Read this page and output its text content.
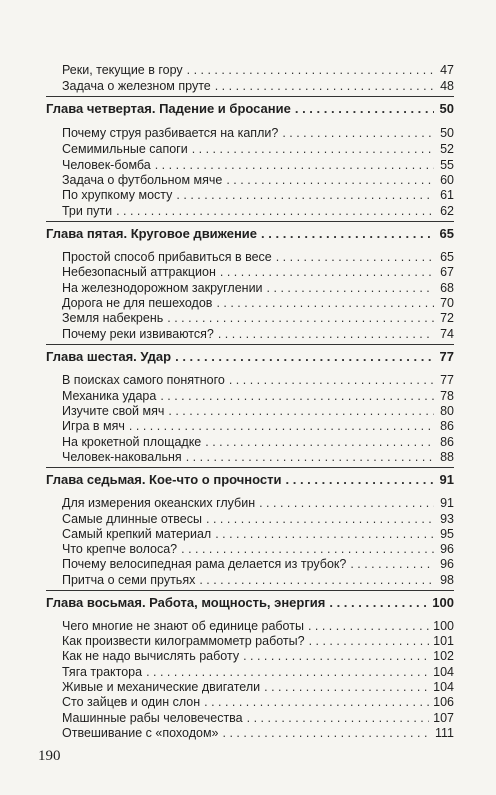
Реки, текущие в гору . . .	47
Задача о железном пруте . . .	48
Глава четвертая. Падение и бросание . . .	50
Почему струя разбивается на капли? . . .	50
Семимильные сапоги . . .	52
Человек-бомба . . .	55
Задача о футбольном мяче . . .	60
По хрупкому мосту . . .	61
Три пути . . .	62
Глава пятая. Круговое движение . . .	65
Простой способ прибавиться в весе . . .	65
Небезопасный аттракцион . . .	67
На железнодорожном закруглении . . .	68
Дорога не для пешеходов . . .	70
Земля набекрень . . .	72
Почему реки извиваются? . . .	74
Глава шестая. Удар . . .	77
В поисках самого понятного . . .	77
Механика удара . . .	78
Изучите свой мяч . . .	80
Игра в мяч . . .	86
На крокетной площадке . . .	86
Человек-наковальня . . .	88
Глава седьмая. Кое-что о прочности . . .	91
Для измерения океанских глубин . . .	91
Самые длинные отвесы . . .	93
Самый крепкий материал . . .	95
Что крепче волоса? . . .	96
Почему велосипедная рама делается из трубок? . . .	96
Притча о семи прутьях . . .	98
Глава восьмая. Работа, мощность, энергия . . .	100
Чего многие не знают об единице работы . . .	100
Как произвести килограммометр работы? . . .	101
Как не надо вычислять работу . . .	102
Тяга трактора . . .	104
Живые и механические двигатели . . .	104
Сто зайцев и один слон . . .	106
Машинные рабы человечества . . .	107
Отвешивание с «походом» . . .	111
190
